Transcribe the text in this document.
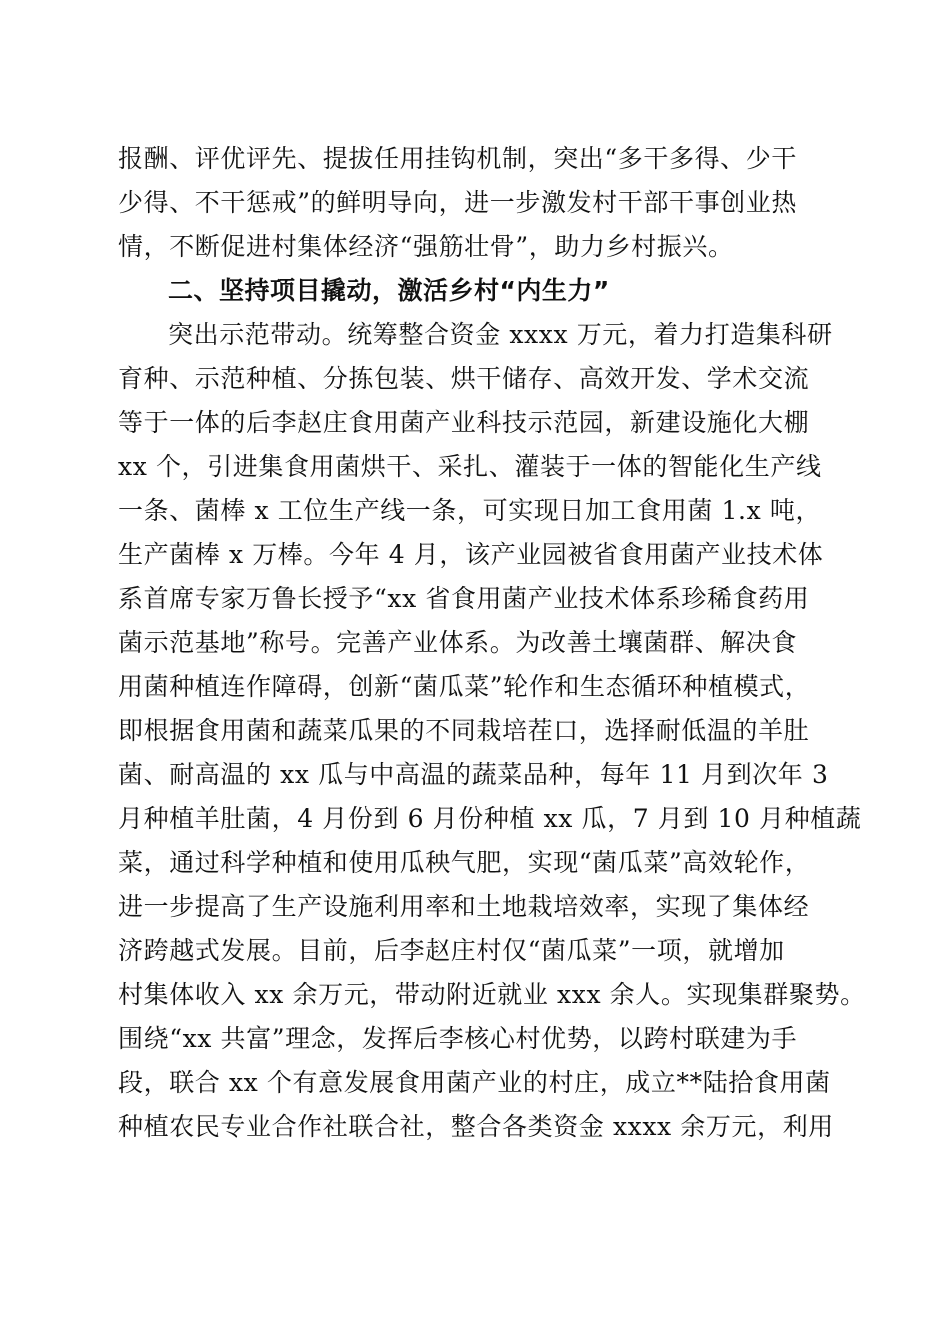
报酬、评优评先、提拔任用挂钩机制，突出“多干多得、少干
少得、不干惩戒”的鲜明导向，进一步激发村干部干事创业热
情，不断促进村集体经济“强筋壮骨”，助力乡村振兴。
二、坚持项目撬动，激活乡村“内生力”
突出示范带动。统筹整合资金 xxxx 万元，着力打造集科研
育种、示范种植、分拣包装、烘干储存、高效开发、学术交流
等于一体的后李赵庄食用菌产业科技示范园，新建设施化大棚
xx 个，引进集食用菌烘干、采扎、灌装于一体的智能化生产线
一条、菌棒 x 工位生产线一条，可实现日加工食用菌 1.x 吨，
生产菌棒 x 万棒。今年 4 月，该产业园被省食用菌产业技术体
系首席专家万鲁长授予“xx 省食用菌产业技术体系珍稀食药用
菌示范基地”称号。完善产业体系。为改善土壤菌群、解决食
用菌种植连作障碍，创新“菌瓜菜”轮作和生态循环种植模式，
即根据食用菌和蔬菜瓜果的不同栽培茬口，选择耐低温的羊肚
菌、耐高温的 xx 瓜与中高温的蔬菜品种，每年 11 月到次年 3
月种植羊肚菌，4 月份到 6 月份种植 xx 瓜，7 月到 10 月种植蔬
菜，通过科学种植和使用瓜秧气肥，实现“菌瓜菜”高效轮作，
进一步提高了生产设施利用率和土地栽培效率，实现了集体经
济跨越式发展。目前，后李赵庄村仅“菌瓜菜”一项，就增加
村集体收入 xx 余万元，带动附近就业 xxx 余人。实现集群聚势。
围绕“xx 共富”理念，发挥后李核心村优势，以跨村联建为手
段，联合 xx 个有意发展食用菌产业的村庄，成立**陆拾食用菌
种植农民专业合作社联合社，整合各类资金 xxxx 余万元，利用
